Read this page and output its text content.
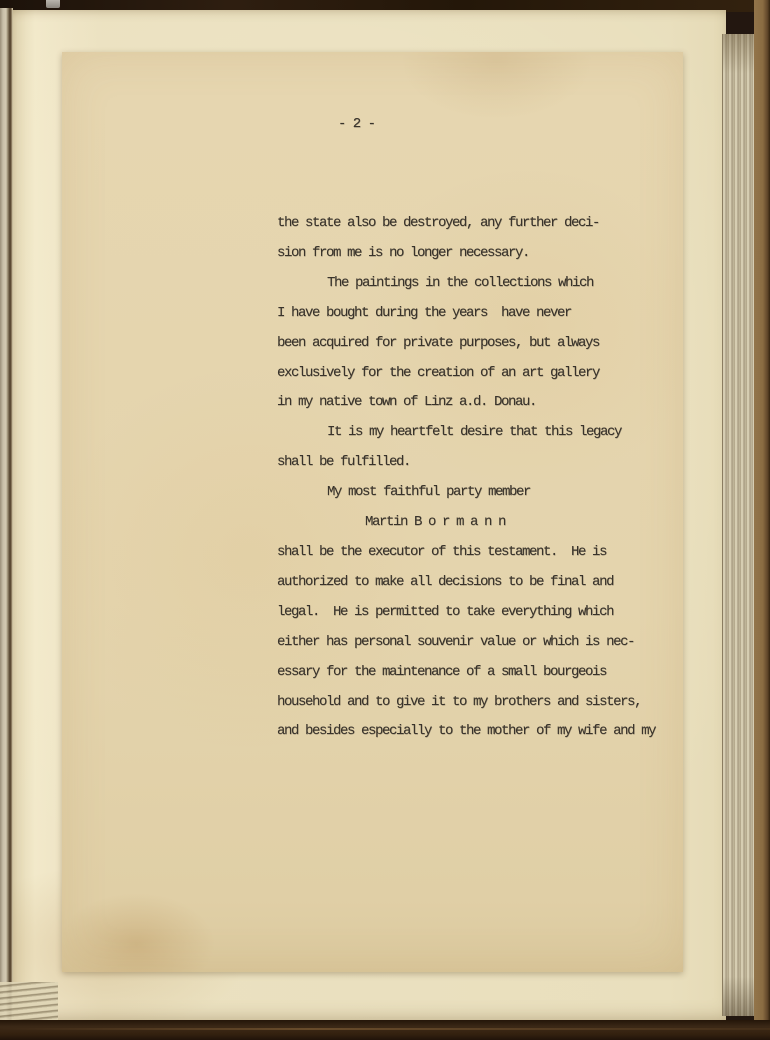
- 2 -
the state also be destroyed, any further deci-
sion from me is no longer necessary.
The paintings in the collections which
I have bought during the years  have never
been acquired for private purposes, but always
exclusively for the creation of an art gallery
in my native town of Linz a.d. Donau.
It is my heartfelt desire that this legacy
shall be fulfilled.
My most faithful party member
Martin B o r m a n n
shall be the executor of this testament.  He is
authorized to make all decisions to be final and
legal.  He is permitted to take everything which
either has personal souvenir value or which is nec-
essary for the maintenance of a small bourgeois
household and to give it to my brothers and sisters,
and besides especially to the mother of my wife and my
